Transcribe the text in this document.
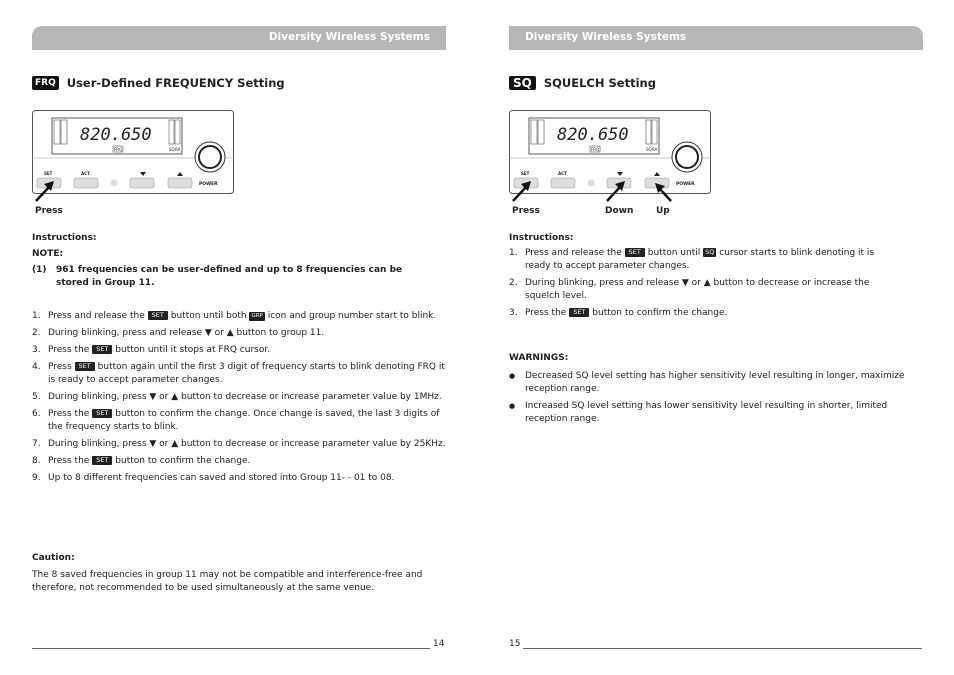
Diversity Wireless Systems
FRQ User-Defined FREQUENCY Setting
820.650
FRQ	SQ RA
POWER
SET	ACT
Press
Instructions:
NOTE:
(1) 961 frequencies can be user-defined and up to 8 frequencies can be stored in Group 11.
1. Press and release the SET button until both GRP icon and group number start to blink.
2. During blinking, press and release ▼ or ▲ button to group 11.
3. Press the SET button until it stops at FRQ cursor.
4. Press SET button again until the first 3 digit of frequency starts to blink denoting FRQ it is ready to accept parameter changes.
5. During blinking, press ▼ or ▲ button to decrease or increase parameter value by 1MHz.
6. Press the SET button to confirm the change. Once change is saved, the last 3 digits of the frequency starts to blink.
7. During blinking, press ▼ or ▲ button to decrease or increase parameter value by 25KHz.
8. Press the SET button to confirm the change.
9. Up to 8 different frequencies can saved and stored into Group 11- - 01 to 08.
Caution:
The 8 saved frequencies in group 11 may not be compatible and interference-free and therefore, not recommended to be used simultaneously at the same venue.
14
Diversity Wireless Systems
SQ	SQUELCH Setting
820.650
FRQ	SQ RA
POWER
SET	ACT
Press	Down	Up
Instructions:
1. Press and release the SET button until SQ cursor starts to blink denoting it is ready to accept parameter changes.
2. During blinking, press and release ▼ or ▲ button to decrease or increase the squelch level.
3. Press the SET button to confirm the change.
WARNINGS:
● Decreased SQ level setting has higher sensitivity level resulting in longer, maximize reception range.
● Increased SQ level setting has lower sensitivity level resulting in shorter, limited reception range.
15
